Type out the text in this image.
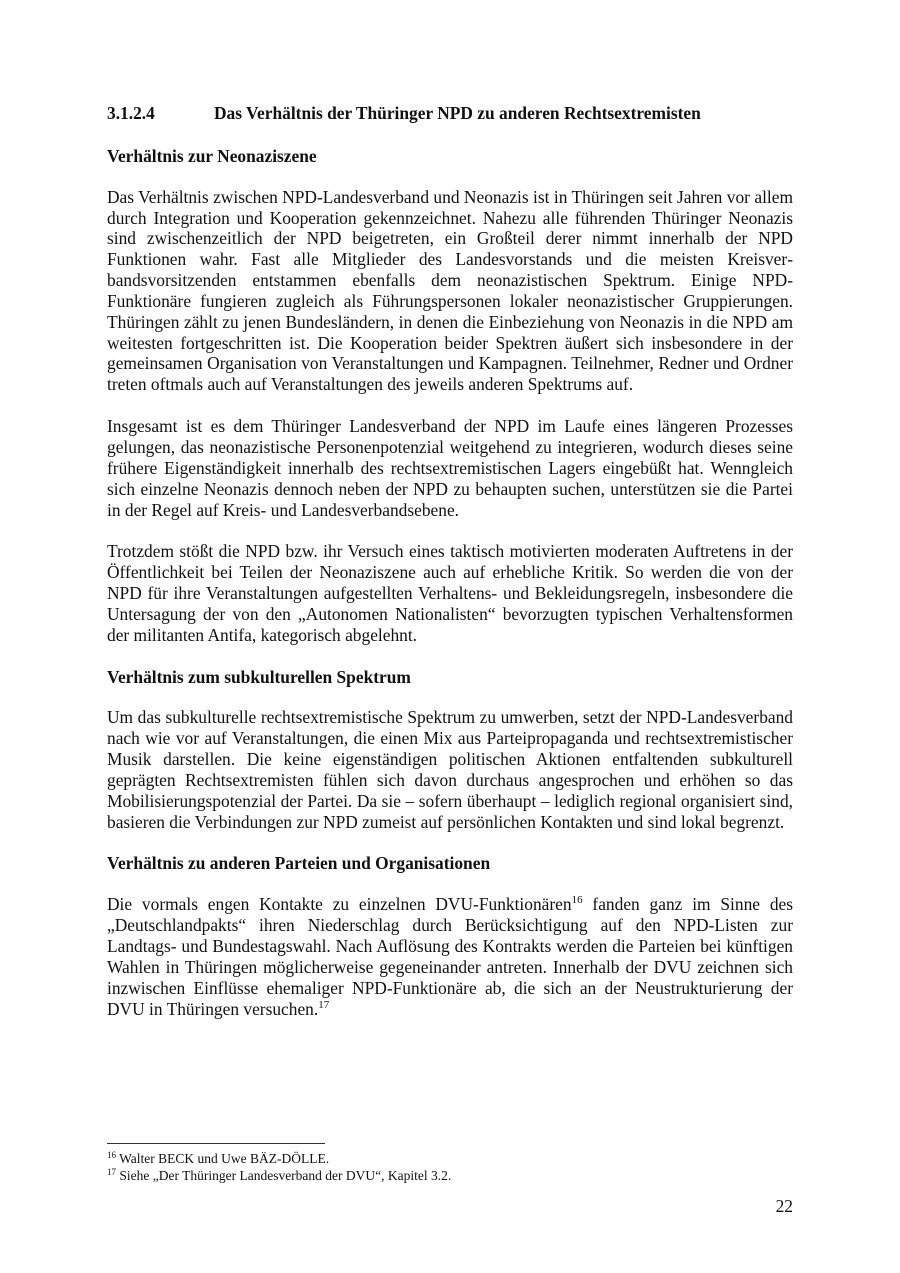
3.1.2.4	Das Verhältnis der Thüringer NPD zu anderen Rechtsextremisten
Verhältnis zur Neonaziszene

Das Verhältnis zwischen NPD-Landesverband und Neonazis ist in Thüringen seit Jahren vor allem durch Integration und Kooperation gekennzeichnet. Nahezu alle führenden Thüringer Neonazis sind zwischenzeitlich der NPD beigetreten, ein Großteil derer nimmt innerhalb der NPD Funktionen wahr. Fast alle Mitglieder des Landesvorstands und die meisten Kreisverbandsvorsitzenden entstammen ebenfalls dem neonazistischen Spektrum. Einige NPD-Funktionäre fungieren zugleich als Führungspersonen lokaler neonazistischer Gruppierungen. Thüringen zählt zu jenen Bundesländern, in denen die Einbeziehung von Neonazis in die NPD am weitesten fortgeschritten ist. Die Kooperation beider Spektren äußert sich insbesondere in der gemeinsamen Organisation von Veranstaltungen und Kampagnen. Teilnehmer, Redner und Ordner treten oftmals auch auf Veranstaltungen des jeweils anderen Spektrums auf.

Insgesamt ist es dem Thüringer Landesverband der NPD im Laufe eines längeren Prozesses gelungen, das neonazistische Personenpotenzial weitgehend zu integrieren, wodurch dieses seine frühere Eigenständigkeit innerhalb des rechtsextremistischen Lagers eingebüßt hat. Wenngleich sich einzelne Neonazis dennoch neben der NPD zu behaupten suchen, unterstützen sie die Partei in der Regel auf Kreis- und Landesverbandsebene.

Trotzdem stößt die NPD bzw. ihr Versuch eines taktisch motivierten moderaten Auftretens in der Öffentlichkeit bei Teilen der Neonaziszene auch auf erhebliche Kritik. So werden die von der NPD für ihre Veranstaltungen aufgestellten Verhaltens- und Bekleidungsregeln, insbesondere die Untersagung der von den „Autonomen Nationalisten“ bevorzugten typischen Verhaltensformen der militanten Antifa, kategorisch abgelehnt.

Verhältnis zum subkulturellen Spektrum

Um das subkulturelle rechtsextremistische Spektrum zu umwerben, setzt der NPD-Landesverband nach wie vor auf Veranstaltungen, die einen Mix aus Parteipropaganda und rechtsextremistischer Musik darstellen. Die keine eigenständigen politischen Aktionen entfaltenden subkulturell geprägten Rechtsextremisten fühlen sich davon durchaus angesprochen und erhöhen so das Mobilisierungspotenzial der Partei. Da sie – sofern überhaupt – lediglich regional organisiert sind, basieren die Verbindungen zur NPD zumeist auf persönlichen Kontakten und sind lokal begrenzt.

Verhältnis zu anderen Parteien und Organisationen

Die vormals engen Kontakte zu einzelnen DVU-Funktionären$^{16}$ fanden ganz im Sinne des „Deutschlandpakts“ ihren Niederschlag durch Berücksichtigung auf den NPD-Listen zur Landtags- und Bundestagswahl. Nach Auflösung des Kontrakts werden die Parteien bei künftigen Wahlen in Thüringen möglicherweise gegeneinander antreten. Innerhalb der DVU zeichnen sich inzwischen Einflüsse ehemaliger NPD-Funktionäre ab, die sich an der Neustrukturierung der DVU in Thüringen versuchen.$^{17}$

$^{16}$ Walter BECK und Uwe BÄZ-DÖLLE.
$^{17}$ Siehe „Der Thüringer Landesverband der DVU“, Kapitel 3.2.
22
